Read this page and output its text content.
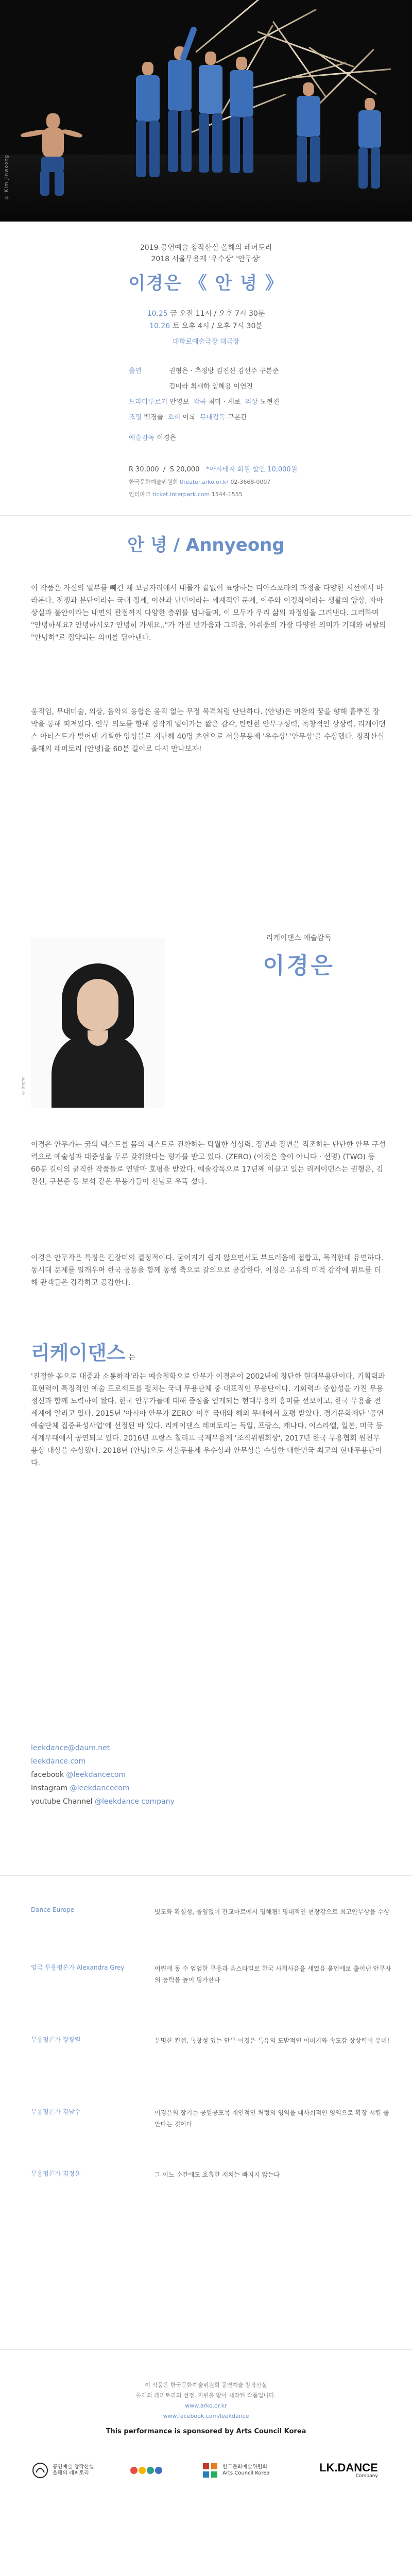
© Kim Jinwoong
2019 공연예술 창작산실 올해의 레퍼토리
2018 서울무용제 '우수상' '안무상'
이경은 《 안 녕 》
10.25 금 오전 11시 / 오후 7시 30분
10.26 토 오후 4시 / 오후 7시 30분
대학로예술극장 대극장
출연	권형은 · 추정방 김진선 김선주 구본준
김미라 최새하 임혜용 이연진
드라마투르기 안영보 작곡 최마 · 새로 의상 도현진
조명 백경술 오퍼 이룩 무대감독 구본관
예술감독 이경은
R 30,000  /  S 20,000 *아시테지 회원 할인 10,000원
한국문화예술위원회 theater.arko.or.kr 02-3668-0007
인터파크 ticket.interpark.com 1544-1555
안 녕 / Annyeong
이 작품은 자신의 일부를 빼긴 채 보금자리에서 내몰가 끝없이 표랑하는 디아스포라의 과정을 다양한 시선에서 바라본다. 전쟁과 분단이라는 국내 정세, 이산과 난민이라는 세계적인 문제, 이주와 이정착이라는 생활의 양상, 자아상실과 불안이라는 내면의 관점까지 다양한 층위를 넘나들며, 이 모두가 우리 삶의 과정임을 그려낸다. 그러하며 "안녕하세요? 안녕하시오? 안녕히 가세요.."가 가진 반가움과 그리움, 아쉬움의 가장 다양한 의미가 기대와 허탈의 "안녕히"로 집약되는 의미를 담아낸다.
움직임, 무대미술, 의상, 음악의 융합은 움직 없는 무정 목격처럼 단단하다. (안녕)은 미완의 꿈을 향해 흩뿌진 장막을 통해 퍼져있다. 안무 의도를 향해 짐작게 일어가는 짧은 감각, 탄탄한 안무구성력, 독창적인 상상력, 리케이댄스 아티스트가 빚어낸 기획한 앙상블로 지난해 40명 초연으로 서울무용제 '우수상' '안무상'을 수상했다. 창작산실 올해의 레퍼토리 (안녕)을 60분 길이로 다시 만나보자!
© 안리아
리케이댄스 예술감독
이경은
이경은 안무가는 굵의 텍스트를 몸의 텍스트로 전환하는 탁월한 상상력, 장면과 장면을 직조하는 단단한 안무 구성력으로 예술성과 대중성을 두루 갖춰왔다는 평가를 받고 있다. (ZERO) (이것은 춤이 아니다 · 선명) (TWO) 등 60분 길이의 굵직한 작품들로 연말마 호평을 받았다. 예술감독으로 17년째 이끌고 있는 리케이댄스는 권형은, 김진선, 구본준 등 보석 같은 무용가들이 신념로 우뚝 섰다.
이경은 안무작은 특징은 긴장미의 결정적이다. 굳어지기 쉽지 않으면서도 부드러움에 접합고, 묵직한데 유연하다. 동시대 문제를 일깨우며 한국 공동을 함께 동행 축으로 갈의으로 공감한다. 이경은 고유의 미적 감각에 위트를 더해 관객들은 감각하고 공감한다.
리케이댄스 는
'진정한 몸으로 대중과 소통하자'라는 예술철학으로 안무가 이경은이 2002년에 창단한 현대무용단이다. 기획력과 표현력이 특징적인 예술 프로젝트를 펼치는 국내 무용단체 중 대표적인 무용단이다. 기회력과 중합성을 가진 무용정신과 함께 노력하여 왔다. 한국 안무가들에 대해 중심을 얻게되는 현대무용의 흥미를 선보이고, 한국 무용을 전 세계에 알리고 있다. 2015년 '아시아 안무가 ZERO' 이후 국내와 해외 무대에서 호평 받았다. 경기문화재단 '공연예술단체 집중육성사업'에 선정된 바 있다. 리케이댄스 레퍼토리는 독일, 프랑스, 캐나다, 이스라엘, 일본, 미국 등 세계무대에서 공연되고 있다. 2016년 프랑스 칠리프 국제무용제 '조직위원회상', 2017년 한국 무용협회 원천무용상 대상을 수상했다. 2018년 (안녕)으로 서울무용제 우수상과 안무상을 수상한 대한민국 최고의 현대무용단이다.
leekdance@daum.net
leekdance.com
facebook @leekdancecom
Instagram @leekdancecom
youtube Channel @leekdance company
Dance Europe	빛도와 확실성, 울임없이 잔교마르에서 명해됩! 명대적인 현장감으로 최고안무상을 수상
영국 무용평론가 Alexandra Grey	어린에 동 수 엄엄한 무용과 음스타일로 한국 사회사음을 새였음 움인에보 출어낸 안무자의 능력을 높이 평가한다
무용평론가 장광렬	분명한 컨셉, 독창성 있는 안무 이경은 특유의 도발적인 이미지와 속도감 상상력이 유머!
무용평론가 김남수	이경은의 장기는 공일공포목 개인적인 처렁의 영역을 대사회적인 영역으로 확장 시킬 줄 안다는 것이다
무용평론가 김정윤	그 어느 순간에도 호흡한 재치는 빠지지 않는다
이 작품은 한국문화예술위원회 공연예술 창작산실
올해의 레퍼토리의 선정, 지원을 받아 제작된 작품입니다.
www.arko.or.kr
www.facebook.com/leekdance
This performance is sponsored by Arts Council Korea
공연예술 창작산실
올해의 레퍼토리
한국문화예술위원회
Arts Council Korea	LK.DANCE
Company
